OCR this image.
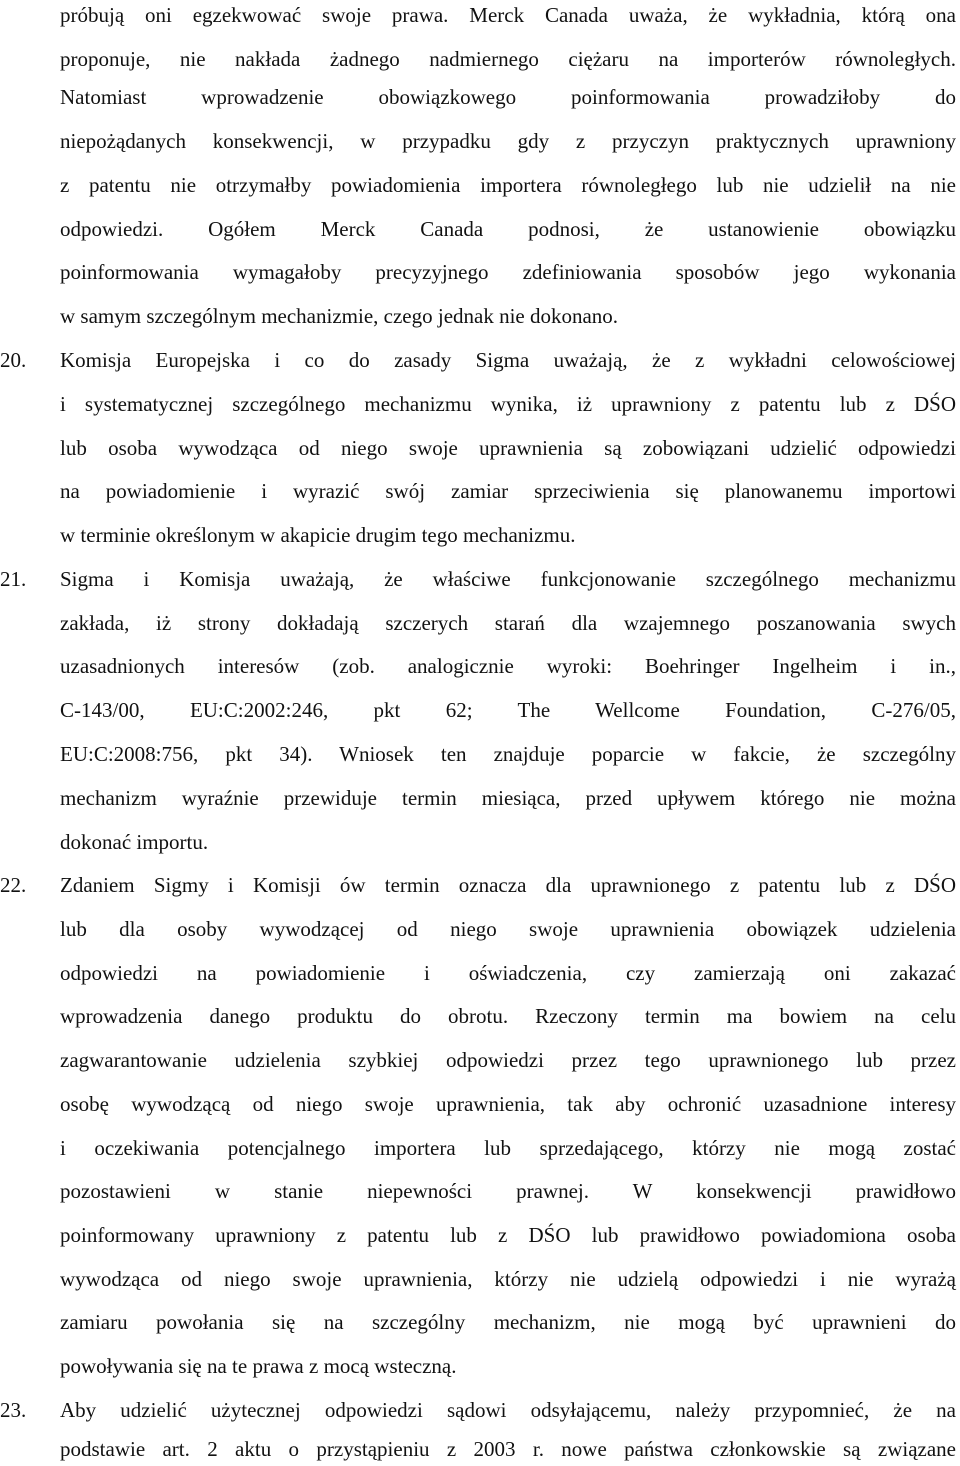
próbują oni egzekwować swoje prawa. Merck Canada uważa, że wykładnia, którą ona
proponuje, nie nakłada żadnego nadmiernego ciężaru na importerów równoległych.
Natomiast wprowadzenie obowiązkowego poinformowania prowadziłoby do
niepożądanych konsekwencji, w przypadku gdy z przyczyn praktycznych uprawniony
z patentu nie otrzymałby powiadomienia importera równoległego lub nie udzielił na nie
odpowiedzi. Ogółem Merck Canada podnosi, że ustanowienie obowiązku
poinformowania wymagałoby precyzyjnego zdefiniowania sposobów jego wykonania
w samym szczególnym mechanizmie, czego jednak nie dokonano.
20.	Komisja Europejska i co do zasady Sigma uważają, że z wykładni celowościowej
i systematycznej szczególnego mechanizmu wynika, iż uprawniony z patentu lub z DŚO
lub osoba wywodząca od niego swoje uprawnienia są zobowiązani udzielić odpowiedzi
na powiadomienie i wyrazić swój zamiar sprzeciwienia się planowanemu importowi
w terminie określonym w akapicie drugim tego mechanizmu.
21.	Sigma i Komisja uważają, że właściwe funkcjonowanie szczególnego mechanizmu
zakłada, iż strony dokładają szczerych starań dla wzajemnego poszanowania swych
uzasadnionych interesów (zob. analogicznie wyroki: Boehringer Ingelheim i in.,
C-143/00, EU:C:2002:246, pkt 62; The Wellcome Foundation, C-276/05,
EU:C:2008:756, pkt 34). Wniosek ten znajduje poparcie w fakcie, że szczególny
mechanizm wyraźnie przewiduje termin miesiąca, przed upływem którego nie można
dokonać importu.
22.	Zdaniem Sigmy i Komisji ów termin oznacza dla uprawnionego z patentu lub z DŚO
lub dla osoby wywodzącej od niego swoje uprawnienia obowiązek udzielenia
odpowiedzi na powiadomienie i oświadczenia, czy zamierzają oni zakazać
wprowadzenia danego produktu do obrotu. Rzeczony termin ma bowiem na celu
zagwarantowanie udzielenia szybkiej odpowiedzi przez tego uprawnionego lub przez
osobę wywodzącą od niego swoje uprawnienia, tak aby ochronić uzasadnione interesy
i oczekiwania potencjalnego importera lub sprzedającego, którzy nie mogą zostać
pozostawieni w stanie niepewności prawnej. W konsekwencji prawidłowo
poinformowany uprawniony z patentu lub z DŚO lub prawidłowo powiadomiona osoba
wywodząca od niego swoje uprawnienia, którzy nie udzielą odpowiedzi i nie wyrażą
zamiaru powołania się na szczególny mechanizm, nie mogą być uprawnieni do
powoływania się na te prawa z mocą wsteczną.
23.	Aby udzielić użytecznej odpowiedzi sądowi odsyłającemu, należy przypomnieć, że na
podstawie art. 2 aktu o przystąpieniu z 2003 r. nowe państwa członkowskie są związane
